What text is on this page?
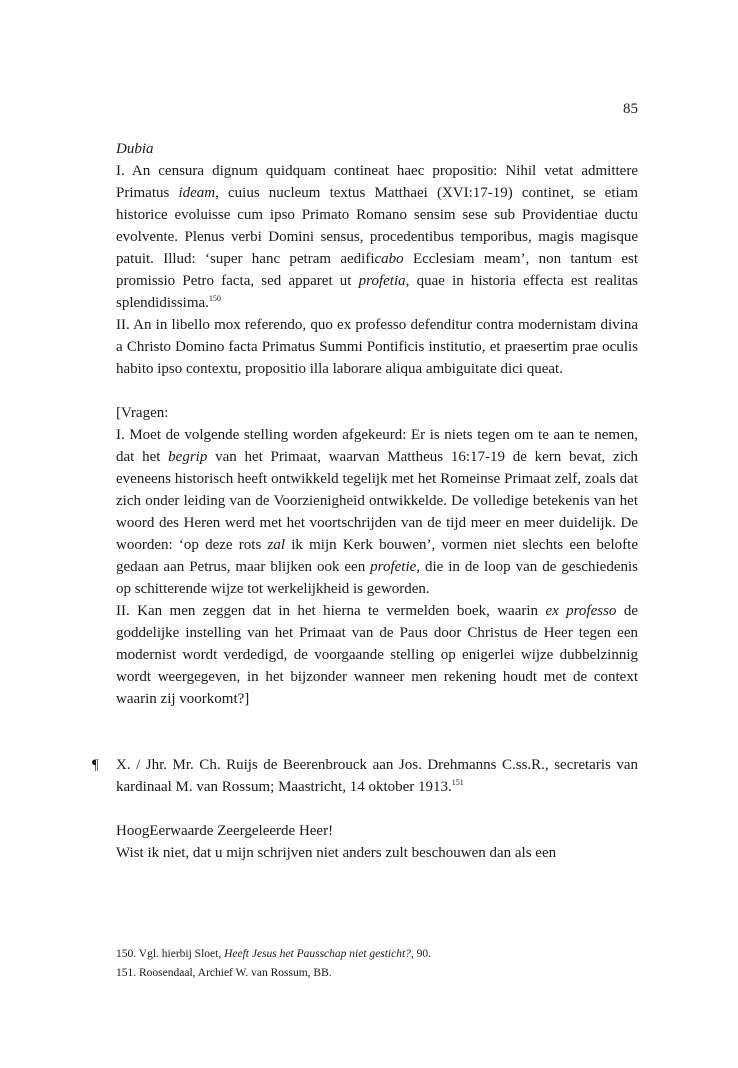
85

Dubia

I. An censura dignum quidquam contineat haec propositio: Nihil vetat admittere Primatus ideam, cuius nucleum textus Matthaei (XVI:17-19) continet, se etiam historice evoluisse cum ipso Primato Romano sensim sese sub Providentiae ductu evolvente. Plenus verbi Domini sensus, procedentibus temporibus, magis magisque patuit. Illud: ‘super hanc petram aedificabo Ecclesiam meam’, non tantum est promissio Petro facta, sed apparet ut profetia, quae in historia effecta est realitas splendidissima.$^{150}$

II. An in libello mox referendo, quo ex professo defenditur contra modernistam divina a Christo Domino facta Primatus Summi Pontificis institutio, et praesertim prae oculis habito ipso contextu, propositio illa laborare aliqua ambiguitate dici queat.

[Vragen:

I. Moet de volgende stelling worden afgekeurd: Er is niets tegen om te aan te nemen, dat het begrip van het Primaat, waarvan Mattheus 16:17-19 de kern bevat, zich eveneens historisch heeft ontwikkeld tegelijk met het Romeinse Primaat zelf, zoals dat zich onder leiding van de Voorzienigheid ontwikkelde. De volledige betekenis van het woord des Heren werd met het voortschrijden van de tijd meer en meer duidelijk. De woorden: ‘op deze rots zal ik mijn Kerk bouwen’, vormen niet slechts een belofte gedaan aan Petrus, maar blijken ook een profetie, die in de loop van de geschiedenis op schitterende wijze tot werkelijkheid is geworden.

II. Kan men zeggen dat in het hierna te vermelden boek, waarin ex professo de goddelijke instelling van het Primaat van de Paus door Christus de Heer tegen een modernist wordt verdedigd, de voorgaande stelling op enigerlei wijze dubbelzinnig wordt weergegeven, in het bijzonder wanneer men rekening houdt met de context waarin zij voorkomt?]

¶ X. / Jhr. Mr. Ch. Ruijs de Beerenbrouck aan Jos. Drehmanns C.ss.R., secretaris van kardinaal M. van Rossum; Maastricht, 14 oktober 1913.$^{151}$

HoogEerwaarde Zeergeleerde Heer!

Wist ik niet, dat u mijn schrijven niet anders zult beschouwen dan als een

150. Vgl. hierbij Sloet, Heeft Jesus het Pausschap niet gesticht?, 90.
151. Roosendaal, Archief W. van Rossum, BB.
